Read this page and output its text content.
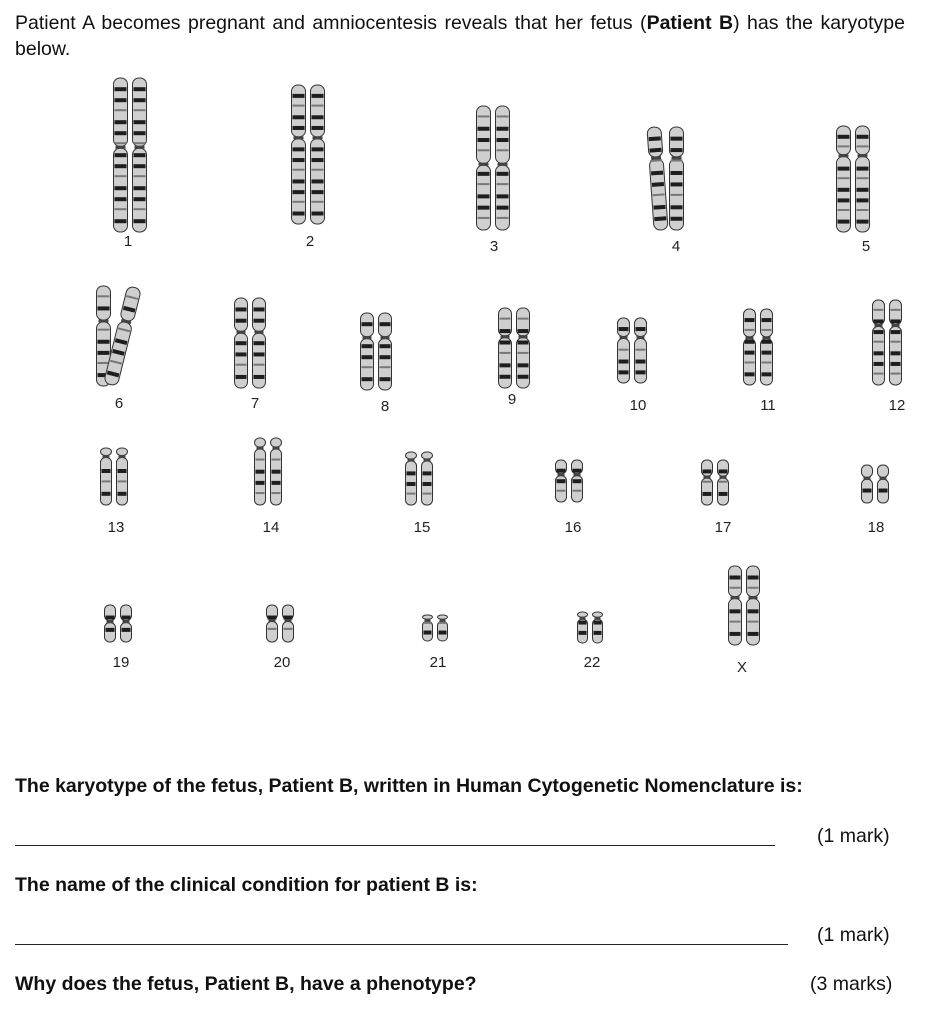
Patient A becomes pregnant and amniocentesis reveals that her fetus (Patient B) has the karyotype below.
1	2	3	4	5
6	7	8	9	10	11	12
13	14	15	16	17	18
19	20	21	22	X
The karyotype of the fetus, Patient B, written in Human Cytogenetic Nomenclature is:
(1 mark)
The name of the clinical condition for patient B is:
(1 mark)
Why does the fetus, Patient B, have a phenotype?	(3 marks)
